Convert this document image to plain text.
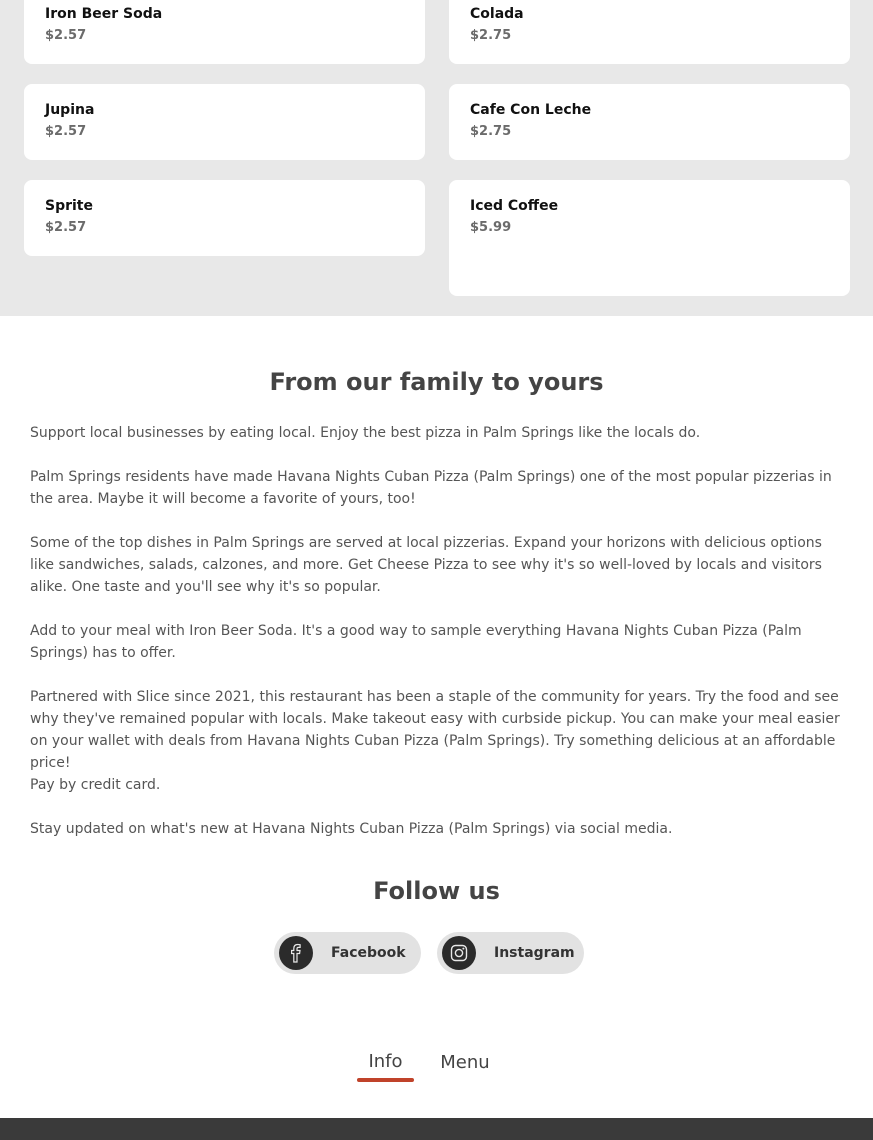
Iron Beer Soda
$2.57
Colada
$2.75
Jupina
$2.57
Cafe Con Leche
$2.75
Sprite
$2.57
Iced Coffee
$5.99
From our family to yours

Support local businesses by eating local. Enjoy the best pizza in Palm Springs like the locals do.

Palm Springs residents have made Havana Nights Cuban Pizza (Palm Springs) one of the most popular pizzerias in the area. Maybe it will become a favorite of yours, too!

Some of the top dishes in Palm Springs are served at local pizzerias. Expand your horizons with delicious options like sandwiches, salads, calzones, and more. Get Cheese Pizza to see why it's so well-loved by locals and visitors alike. One taste and you'll see why it's so popular.

Add to your meal with Iron Beer Soda. It's a good way to sample everything Havana Nights Cuban Pizza (Palm Springs) has to offer.

Partnered with Slice since 2021, this restaurant has been a staple of the community for years. Try the food and see why they've remained popular with locals. Make takeout easy with curbside pickup. You can make your meal easier on your wallet with deals from Havana Nights Cuban Pizza (Palm Springs). Try something delicious at an affordable price!

Pay by credit card.

Stay updated on what's new at Havana Nights Cuban Pizza (Palm Springs) via social media.

Follow us
Facebook	Instagram
Info	Menu
